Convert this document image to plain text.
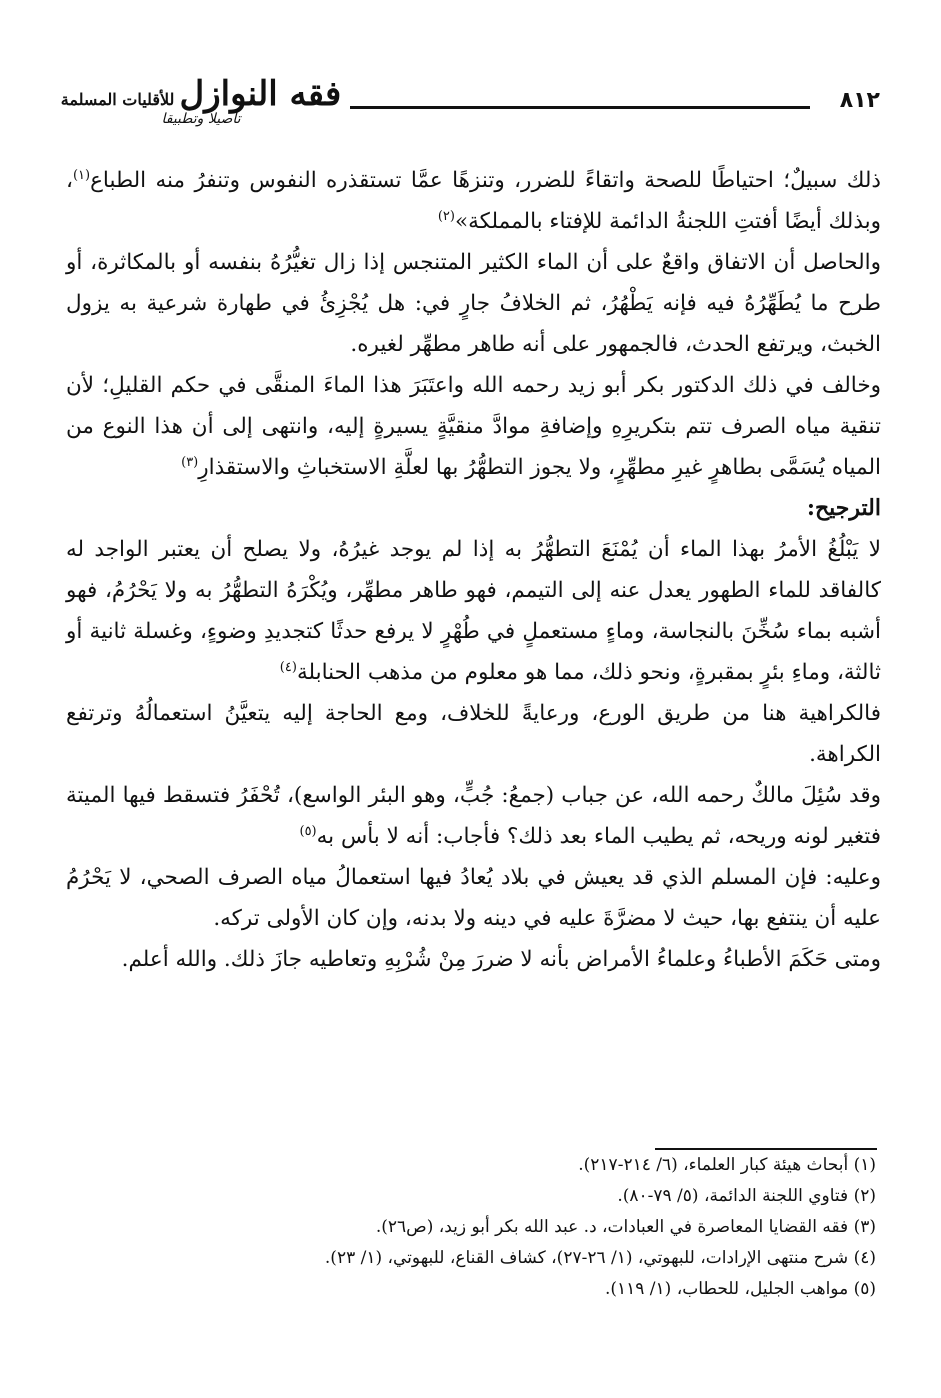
٨١٢
فقه النوازل للأقليات المسلمة
تأصيلا وتطبيقا

ذلك سبيلٌ؛ احتياطًا للصحة واتقاءً للضرر، وتنزهًا عمَّا تستقذره النفوس وتنفرُ منه الطباع$^{(١)}$، وبذلك أيضًا أفتتِ اللجنةُ الدائمة للإفتاء بالمملكة»$^{(٢)}$

والحاصل أن الاتفاق واقعٌ على أن الماء الكثير المتنجس إذا زال تغيُّرُهُ بنفسه أو بالمكاثرة، أو طرح ما يُطَهِّرُهُ فيه فإنه يَطْهُرُ، ثم الخلافُ جارٍ في: هل يُجْزِئُ في طهارة شرعية به يزول الخبث، ويرتفع الحدث، فالجمهور على أنه طاهر مطهِّر لغيره.

وخالف في ذلك الدكتور بكر أبو زيد رحمه الله واعتَبَرَ هذا الماءَ المنقَّى في حكم القليلِ؛ لأن تنقية مياه الصرف تتم بتكريرِهِ وإضافةِ موادَّ منقيَّةٍ يسيرةٍ إليه، وانتهى إلى أن هذا النوع من المياه يُسَمَّى بطاهرٍ غيرِ مطهِّرٍ، ولا يجوز التطهُّرُ بها لعلَّةِ الاستخباثِ والاستقذارِ$^{(٣)}$

الترجيح:

لا يَبْلُغُ الأمرُ بهذا الماء أن يُمْنَعَ التطهُّرُ به إذا لم يوجد غيرُهُ، ولا يصلح أن يعتبر الواجد له كالفاقد للماء الطهور يعدل عنه إلى التيمم، فهو طاهر مطهِّر، ويُكْرَهُ التطهُّرُ به ولا يَحْرُمُ، فهو أشبه بماء سُخِّنَ بالنجاسة، وماءٍ مستعملٍ في طُهْرٍ لا يرفع حدثًا كتجديدِ وضوءٍ، وغسلة ثانية أو ثالثة، وماءِ بئرٍ بمقبرةٍ، ونحو ذلك، مما هو معلوم من مذهب الحنابلة$^{(٤)}$

فالكراهية هنا من طريق الورع، ورعايةً للخلاف، ومع الحاجة إليه يتعيَّنُ استعمالُهُ وترتفع الكراهة.

وقد سُئِلَ مالكٌ رحمه الله، عن جباب (جمعُ: جُبٍّ، وهو البئر الواسع)، تُحْفَرُ فتسقط فيها الميتة فتغير لونه وريحه، ثم يطيب الماء بعد ذلك؟ فأجاب: أنه لا بأس به$^{(٥)}$

وعليه: فإن المسلم الذي قد يعيش في بلاد يُعادُ فيها استعمالُ مياه الصرف الصحي، لا يَحْرُمُ عليه أن ينتفع بها، حيث لا مضرَّةَ عليه في دينه ولا بدنه، وإن كان الأولى تركه.

ومتى حَكَمَ الأطباءُ وعلماءُ الأمراض بأنه لا ضررَ مِنْ شُرْبِهِ وتعاطيه جازَ ذلك. والله أعلم.

(١) أبحاث هيئة كبار العلماء، (٦/ ٢١٤-٢١٧).

(٢) فتاوي اللجنة الدائمة، (٥/ ٧٩-٨٠).

(٣) فقه القضايا المعاصرة في العبادات، د. عبد الله بكر أبو زيد، (ص٢٦).

(٤) شرح منتهى الإرادات، للبهوتي، (١/ ٢٦-٢٧)، كشاف القناع، للبهوتي، (١/ ٢٣).

(٥) مواهب الجليل، للحطاب، (١/ ١١٩).
